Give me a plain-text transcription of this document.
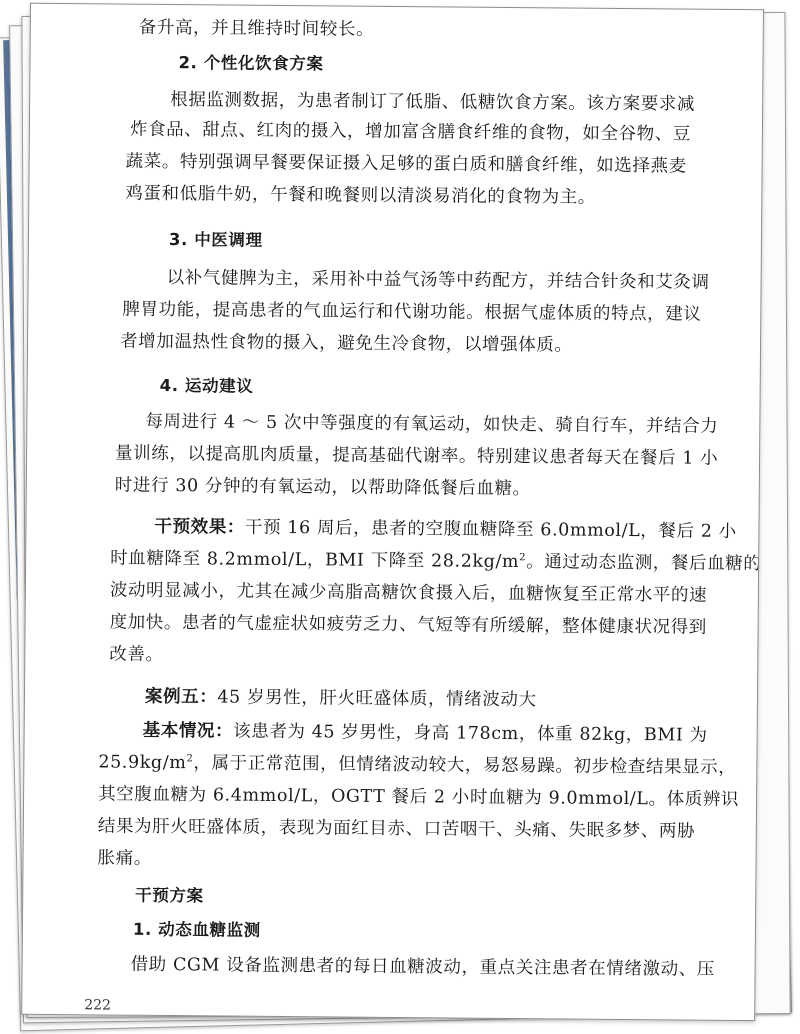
备升高，并且维持时间较长。
2. 个性化饮食方案
根据监测数据，为患者制订了低脂、低糖饮食方案。该方案要求减
炸食品、甜点、红肉的摄入，增加富含膳食纤维的食物，如全谷物、豆
蔬菜。特别强调早餐要保证摄入足够的蛋白质和膳食纤维，如选择燕麦
鸡蛋和低脂牛奶，午餐和晚餐则以清淡易消化的食物为主。
3. 中医调理
以补气健脾为主，采用补中益气汤等中药配方，并结合针灸和艾灸调
脾胃功能，提高患者的气血运行和代谢功能。根据气虚体质的特点，建议
者增加温热性食物的摄入，避免生冷食物，以增强体质。
4. 运动建议
每周进行 4 ～ 5 次中等强度的有氧运动，如快走、骑自行车，并结合力
量训练，以提高肌肉质量，提高基础代谢率。特别建议患者每天在餐后 1 小
时进行 30 分钟的有氧运动，以帮助降低餐后血糖。
干预效果：干预 16 周后，患者的空腹血糖降至 6.0mmol/L，餐后 2 小
时血糖降至 8.2mmol/L，BMI 下降至 $28.2kg/m^2$。通过动态监测，餐后血糖的
波动明显减小，尤其在减少高脂高糖饮食摄入后，血糖恢复至正常水平的速
度加快。患者的气虚症状如疲劳乏力、气短等有所缓解，整体健康状况得到
改善。
案例五：45 岁男性，肝火旺盛体质，情绪波动大
基本情况：该患者为 45 岁男性，身高 178cm，体重 82kg，BMI 为
$25.9kg/m^2$，属于正常范围，但情绪波动较大，易怒易躁。初步检查结果显示，
其空腹血糖为 6.4mmol/L，OGTT 餐后 2 小时血糖为 9.0mmol/L。体质辨识
结果为肝火旺盛体质，表现为面红目赤、口苦咽干、头痛、失眠多梦、两胁
胀痛。
干预方案
1. 动态血糖监测
借助 CGM 设备监测患者的每日血糖波动，重点关注患者在情绪激动、压
222
